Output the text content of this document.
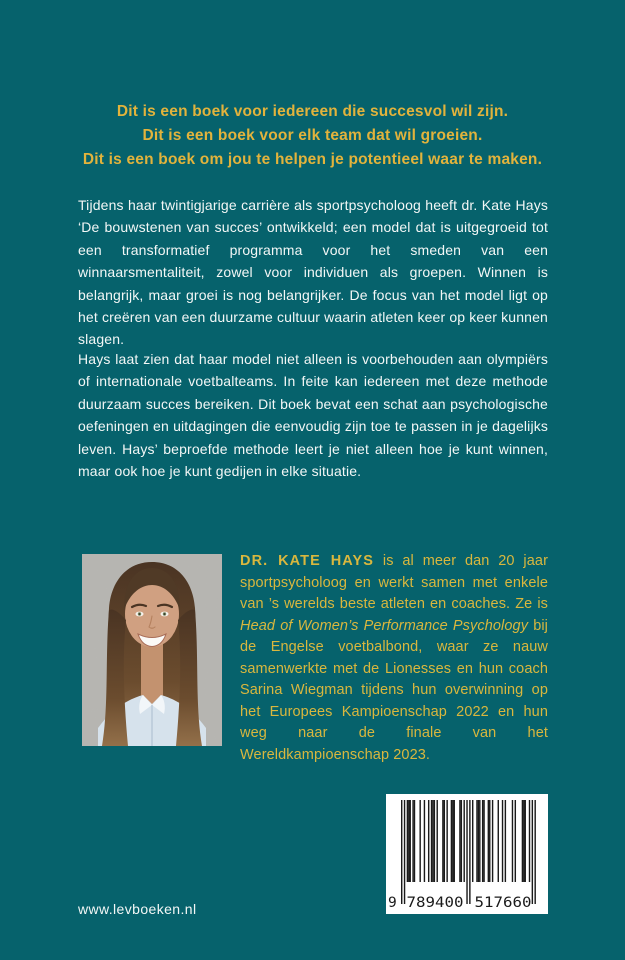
Dit is een boek voor iedereen die succesvol wil zijn.
Dit is een boek voor elk team dat wil groeien.
Dit is een boek om jou te helpen je potentieel waar te maken.

Tijdens haar twintigjarige carrière als sportpsycholoog heeft dr. Kate Hays ‘De bouwstenen van succes’ ontwikkeld; een model dat is uitgegroeid tot een transformatief programma voor het smeden van een winnaarsmentaliteit, zowel voor individuen als groepen. Winnen is belangrijk, maar groei is nog belangrijker. De focus van het model ligt op het creëren van een duurzame cultuur waarin atleten keer op keer kunnen slagen.

Hays laat zien dat haar model niet alleen is voorbehouden aan olympiërs of internationale voetbalteams. In feite kan iedereen met deze methode duurzaam succes bereiken. Dit boek bevat een schat aan psychologische oefeningen en uitdagingen die eenvoudig zijn toe te passen in je dagelijks leven. Hays’ beproefde methode leert je niet alleen hoe je kunt winnen, maar ook hoe je kunt gedijen in elke situatie.

DR. KATE HAYS is al meer dan 20 jaar sportpsycholoog en werkt samen met enkele van ’s werelds beste atleten en coaches. Ze is Head of Women’s Performance Psychology bij de Engelse voetbalbond, waar ze nauw samenwerkte met de Lionesses en hun coach Sarina Wiegman tijdens hun overwinning op het Europees Kampioenschap 2022 en hun weg naar de finale van het Wereldkampioenschap 2023.

9 789400 517660
www.levboeken.nl
